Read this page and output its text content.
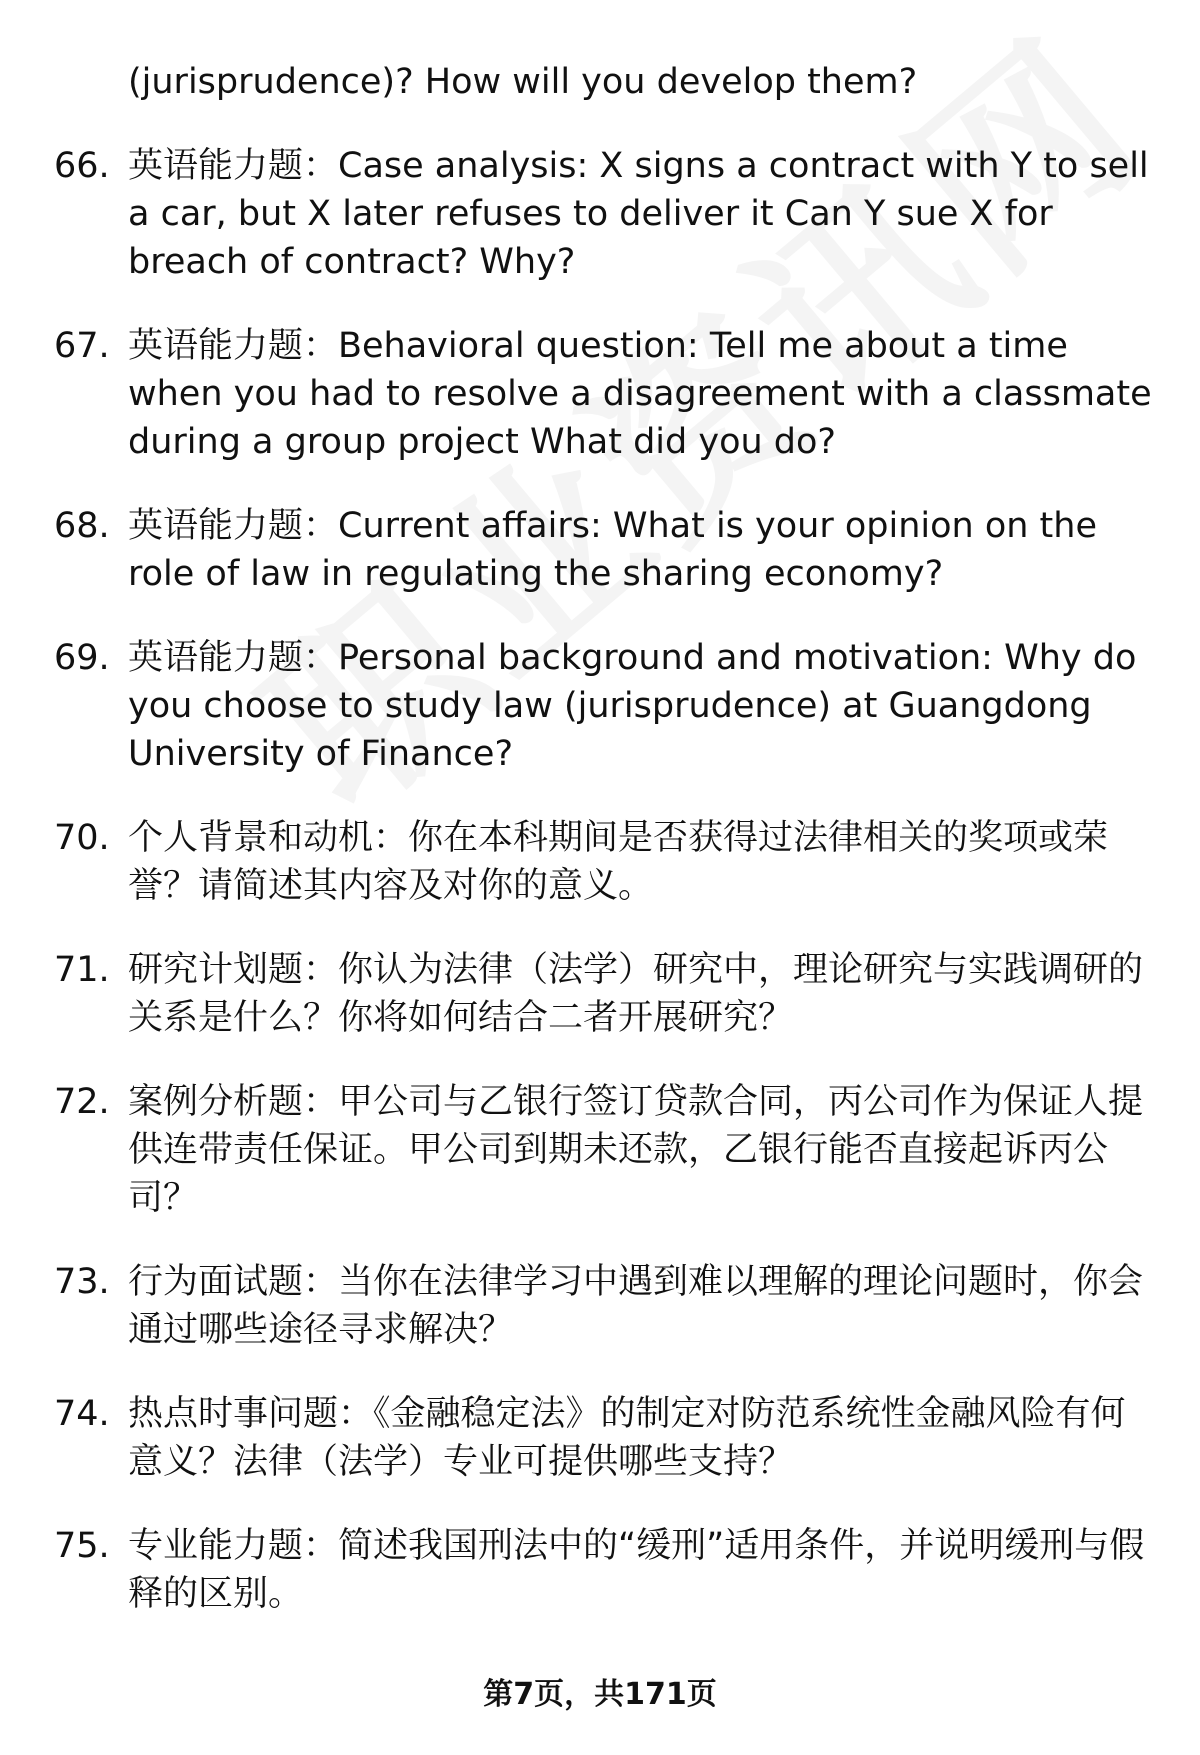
(jurisprudence)? How will you develop them?
66. 英语能力题：Case analysis: X signs a contract with Y to sell a car, but X later refuses to deliver it Can Y sue X for breach of contract? Why?
67. 英语能力题：Behavioral question: Tell me about a time when you had to resolve a disagreement with a classmate during a group project What did you do?
68. 英语能力题：Current affairs: What is your opinion on the role of law in regulating the sharing economy?
69. 英语能力题：Personal background and motivation: Why do you choose to study law (jurisprudence) at Guangdong University of Finance?
70. 个人背景和动机：你在本科期间是否获得过法律相关的奖项或荣誉？请简述其内容及对你的意义。
71. 研究计划题：你认为法律（法学）研究中，理论研究与实践调研的关系是什么？你将如何结合二者开展研究？
72. 案例分析题：甲公司与乙银行签订贷款合同，丙公司作为保证人提供连带责任保证。甲公司到期未还款，乙银行能否直接起诉丙公司？
73. 行为面试题：当你在法律学习中遇到难以理解的理论问题时，你会通过哪些途径寻求解决？
74. 热点时事问题：《金融稳定法》的制定对防范系统性金融风险有何意义？法律（法学）专业可提供哪些支持？
75. 专业能力题：简述我国刑法中的“缓刑”适用条件，并说明缓刑与假释的区别。
第7页，共171页
